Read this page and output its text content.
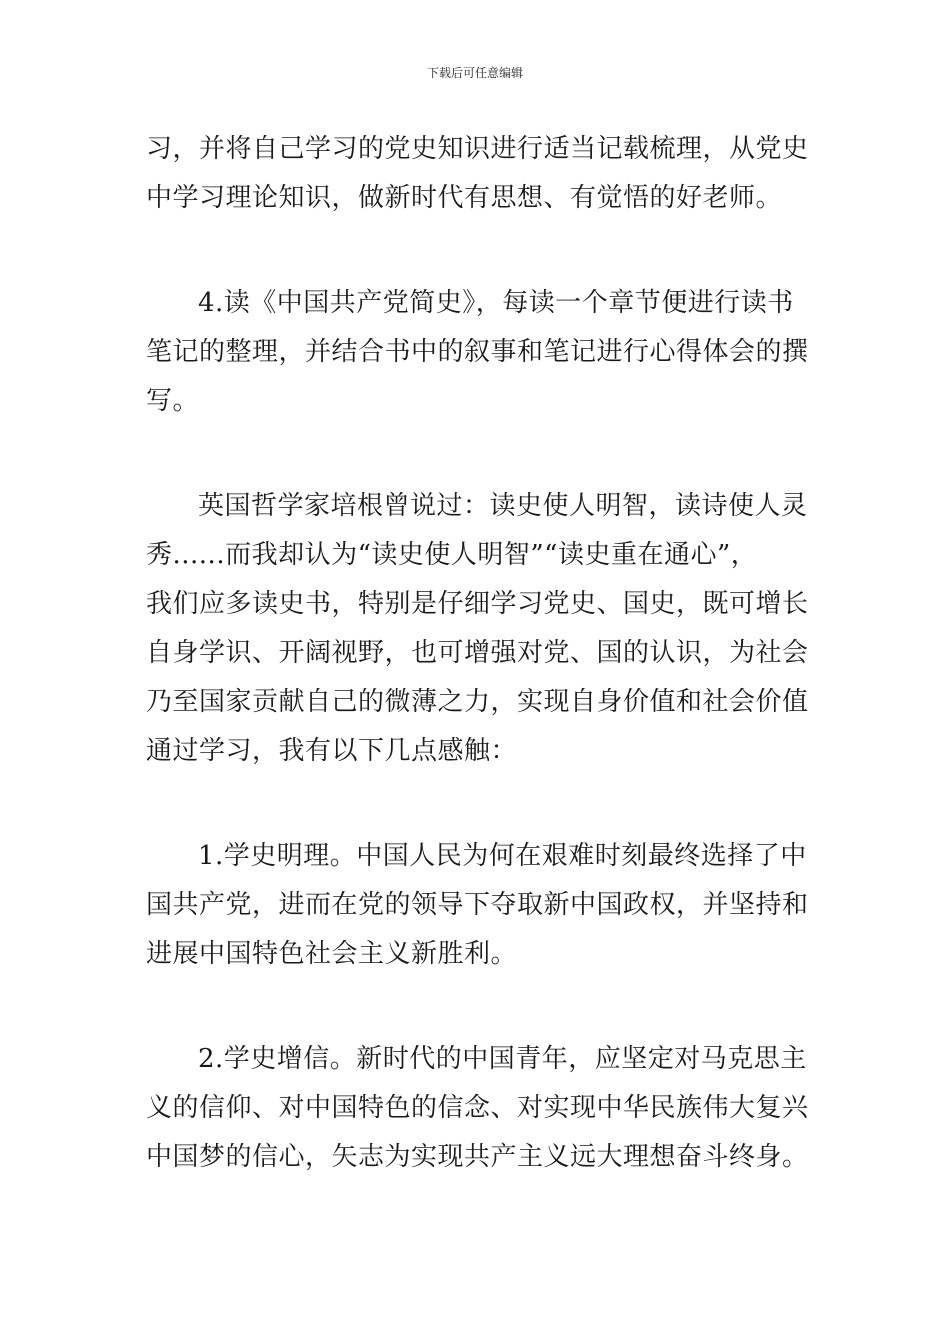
下载后可任意编辑

习，并将自己学习的党史知识进行适当记载梳理，从党史
中学习理论知识，做新时代有思想、有觉悟的好老师。

4.读《中国共产党简史》，每读一个章节便进行读书
笔记的整理，并结合书中的叙事和笔记进行心得体会的撰
写。

英国哲学家培根曾说过：读史使人明智，读诗使人灵
秀......而我却认为“读史使人明智”“读史重在通心”，
我们应多读史书，特别是仔细学习党史、国史，既可增长
自身学识、开阔视野，也可增强对党、国的认识，为社会
乃至国家贡献自己的微薄之力，实现自身价值和社会价值
通过学习，我有以下几点感触：

1.学史明理。中国人民为何在艰难时刻最终选择了中
国共产党，进而在党的领导下夺取新中国政权，并坚持和
进展中国特色社会主义新胜利。

2.学史增信。新时代的中国青年，应坚定对马克思主
义的信仰、对中国特色的信念、对实现中华民族伟大复兴
中国梦的信心，矢志为实现共产主义远大理想奋斗终身。
